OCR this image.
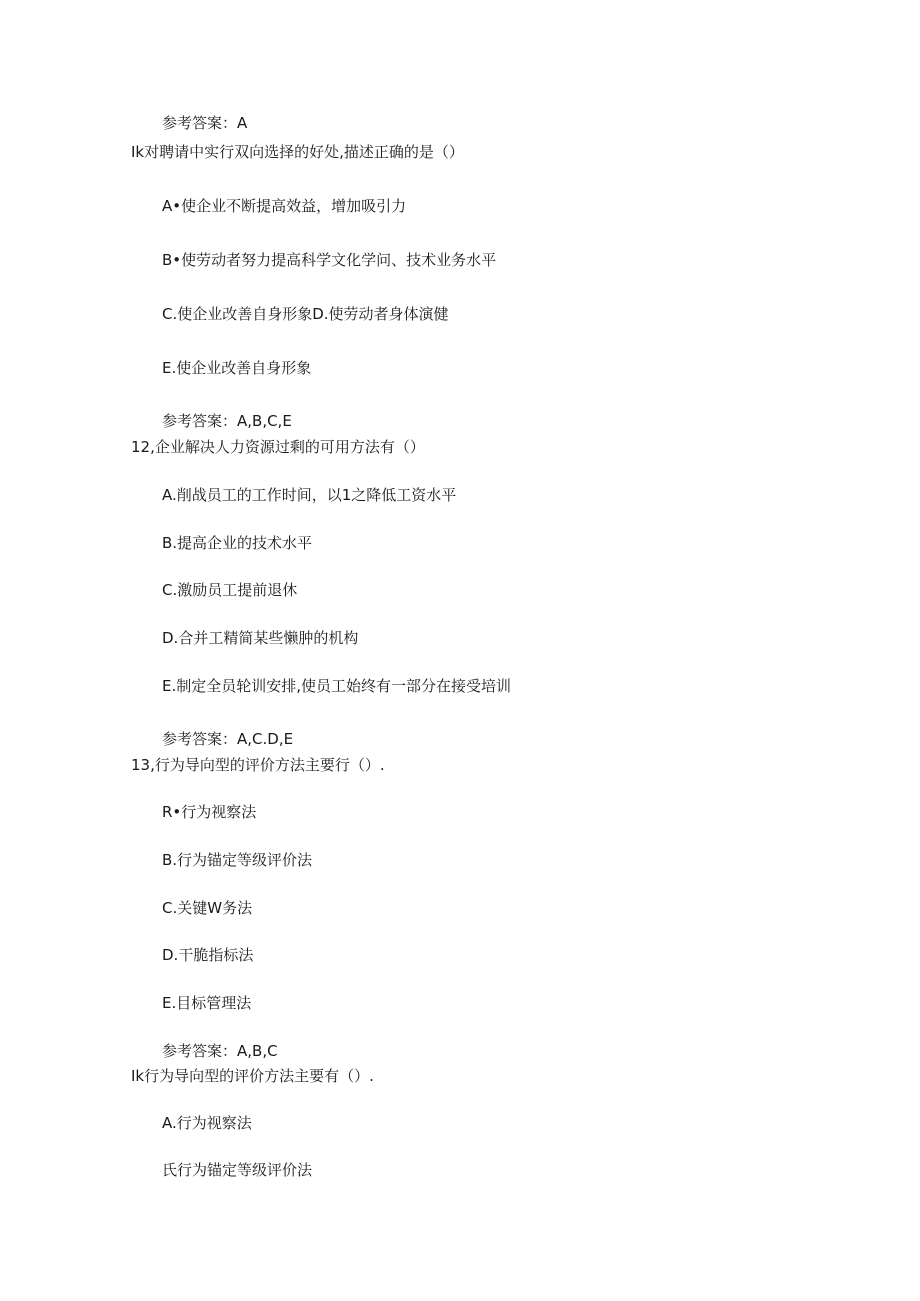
参考答案：A
Ik对聘请中实行双向选择的好处,描述正确的是（）
A•使企业不断提高效益，增加吸引力
B•使劳动者努力提高科学文化学问、技术业务水平
C.使企业改善自身形象D.使劳动者身体演健
E.使企业改善自身形象
参考答案：A,B,C,E
12,企业解决人力资源过剩的可用方法有（）
A.削战员工的工作时间，以1之降低工资水平
B.提高企业的技术水平
C.激励员工提前退休
D.合并工精简某些懒肿的机构
E.制定全员轮训安排,使员工始终有一部分在接受培训
参考答案：A,C.D,E
13,行为导向型的评价方法主要行（）.
R•行为视察法
B.行为锚定等级评价法
C.关键W务法
D.干脆指标法
E.目标管理法
参考答案：A,B,C
Ik行为导向型的评价方法主要有（）.
A.行为视察法
氏行为锚定等级评价法
